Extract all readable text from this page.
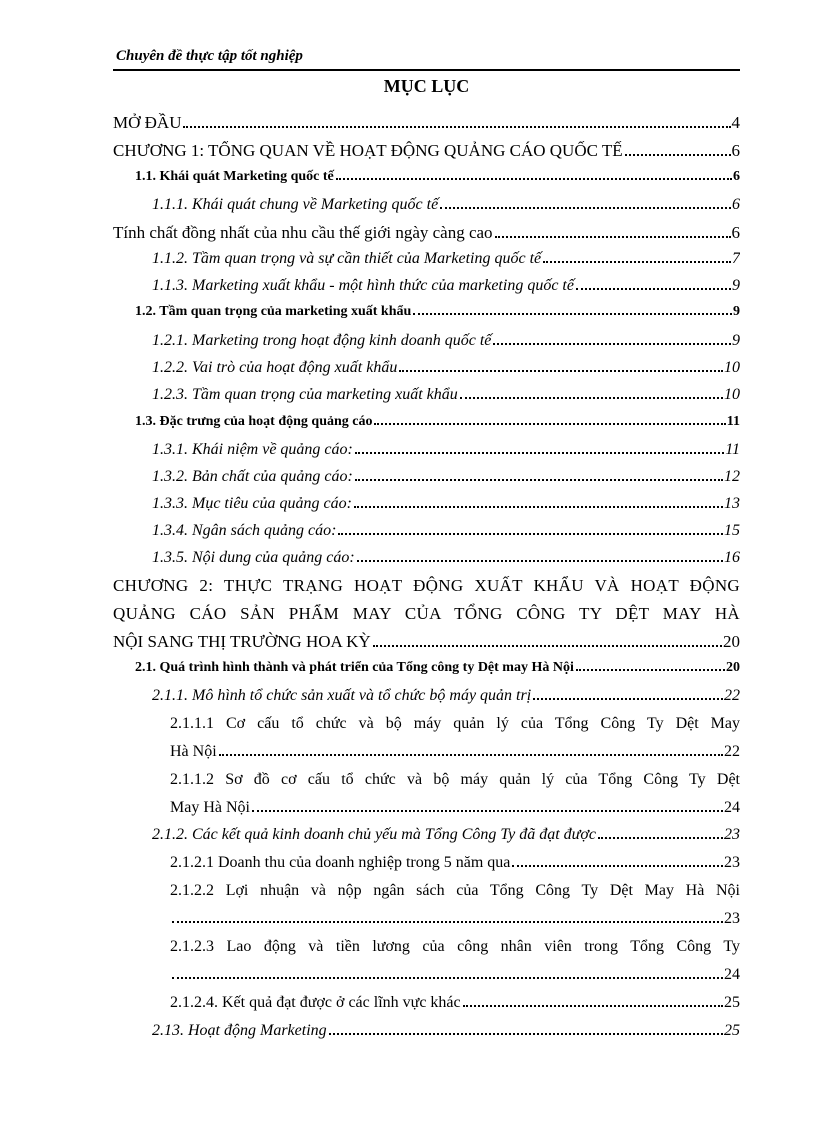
Chuyên đề thực tập tốt nghiệp
MỤC LỤC
MỞ ĐẦU	4
CHƯƠNG 1: TỔNG QUAN VỀ HOẠT ĐỘNG QUẢNG CÁO QUỐC TẾ	6
1.1. Khái quát Marketing quốc tế	6
1.1.1. Khái quát chung về Marketing quốc tế	6
Tính chất đồng nhất của nhu cầu thế giới ngày càng cao	6
1.1.2. Tầm quan trọng và sự cần thiết của Marketing quốc tế	7
1.1.3. Marketing xuất khẩu - một hình thức của marketing quốc tế	9
1.2. Tầm quan trọng của marketing xuất khẩu	9
1.2.1. Marketing trong hoạt động kinh doanh quốc tế	9
1.2.2. Vai trò của hoạt động xuất khẩu	10
1.2.3. Tầm quan trọng của marketing xuất khẩu	10
1.3. Đặc trưng của hoạt động quảng cáo	11
1.3.1. Khái niệm về quảng cáo:	11
1.3.2. Bản chất của quảng cáo:	12
1.3.3. Mục tiêu của quảng cáo:	13
1.3.4. Ngân sách quảng cáo:	15
1.3.5. Nội dung của quảng cáo:	16
CHƯƠNG 2: THỰC TRẠNG HOẠT ĐỘNG XUẤT KHẨU VÀ HOẠT ĐỘNG
QUẢNG CÁO SẢN PHẨM MAY CỦA TỔNG CÔNG TY DỆT MAY HÀ
NỘI SANG THỊ TRƯỜNG HOA KỲ	20
2.1. Quá trình hình thành và phát triển của Tổng công ty Dệt may Hà Nội	20
2.1.1. Mô hình tổ chức sản xuất và tổ chức bộ máy quản trị	22
2.1.1.1 Cơ cấu tổ chức và bộ máy quản lý của Tổng Công Ty Dệt May
Hà Nội	22
2.1.1.2 Sơ đồ cơ cấu tổ chức và bộ máy quản lý của Tổng Công Ty Dệt
May Hà Nội	24
2.1.2. Các kết quả kinh doanh chủ yếu mà Tổng Công Ty đã đạt được	23
2.1.2.1 Doanh thu của doanh nghiệp trong 5 năm qua	23
2.1.2.2 Lợi nhuận và nộp ngân sách của Tổng Công Ty Dệt May Hà Nội
23
2.1.2.3 Lao động và tiền lương của công nhân viên trong Tổng Công Ty
24
2.1.2.4. Kết quả đạt được ở các lĩnh vực khác	25
2.13. Hoạt động Marketing	25
